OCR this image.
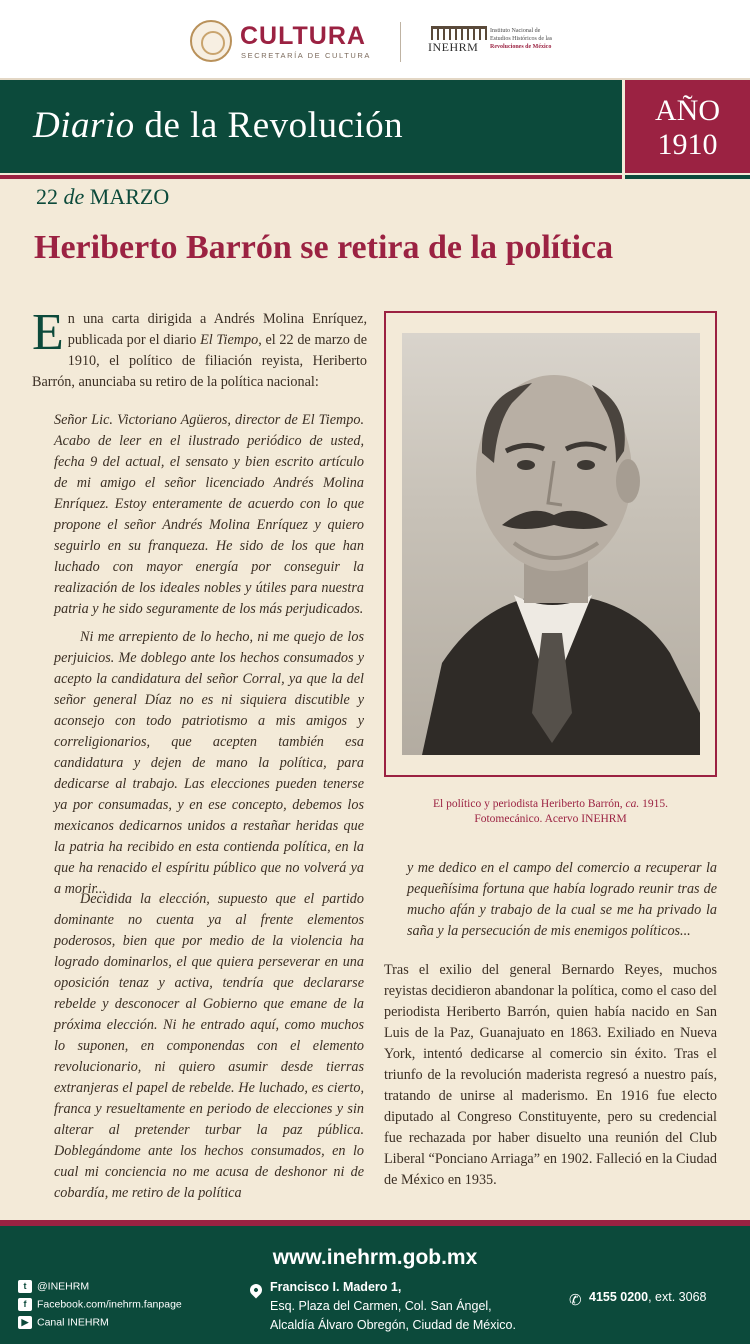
CULTURA
SECRETARÍA DE CULTURA
INEHRM
Instituto Nacional de
Estudios Históricos de las
Revoluciones de México
Diario de la Revolución	AÑO
1910
22 de MARZO
Heriberto Barrón se retira de la política
En una carta dirigida a Andrés Molina Enríquez, publicada por el diario El Tiempo, el 22 de marzo de 1910, el político de filiación reyista, Heriberto Barrón, anunciaba su retiro de la política nacional:
Señor Lic. Victoriano Agüeros, director de El Tiempo. Acabo de leer en el ilustrado periódico de usted, fecha 9 del actual, el sensato y bien escrito artículo de mi amigo el señor licenciado Andrés Molina Enríquez. Estoy enteramente de acuerdo con lo que propone el señor Andrés Molina Enríquez y quiero seguirlo en su franqueza. He sido de los que han luchado con mayor energía por conseguir la realización de los ideales nobles y útiles para nuestra patria y he sido seguramente de los más perjudicados.
Ni me arrepiento de lo hecho, ni me quejo de los perjuicios. Me doblego ante los hechos consumados y acepto la candidatura del señor Corral, ya que la del señor general Díaz no es ni siquiera discutible y aconsejo con todo patriotismo a mis amigos y correligionarios, que acepten también esa candidatura y dejen de mano la política, para dedicarse al trabajo. Las elecciones pueden tenerse ya por consumadas, y en ese concepto, debemos los mexicanos dedicarnos unidos a restañar heridas que la patria ha recibido en esta contienda política, en la que ha renacido el espíritu público que no volverá ya a morir...
Decidida la elección, supuesto que el partido dominante no cuenta ya al frente elementos poderosos, bien que por medio de la violencia ha logrado dominarlos, el que quiera perseverar en una oposición tenaz y activa, tendría que declararse rebelde y desconocer al Gobierno que emane de la próxima elección. Ni he entrado aquí, como muchos lo suponen, en componendas con el elemento revolucionario, ni quiero asumir desde tierras extranjeras el papel de rebelde. He luchado, es cierto, franca y resueltamente en periodo de elecciones y sin alterar al pretender turbar la paz pública. Doblegándome ante los hechos consumados, en lo cual mi conciencia no me acusa de deshonor ni de cobardía, me retiro de la política
El político y periodista Heriberto Barrón, ca. 1915.
Fotomecánico. Acervo INEHRM
y me dedico en el campo del comercio a recuperar la pequeñísima fortuna que había logrado reunir tras de mucho afán y trabajo de la cual se me ha privado la saña y la persecución de mis enemigos políticos...
Tras el exilio del general Bernardo Reyes, muchos reyistas decidieron abandonar la política, como el caso del periodista Heriberto Barrón, quien había nacido en San Luis de la Paz, Guanajuato en 1863. Exiliado en Nueva York, intentó dedicarse al comercio sin éxito. Tras el triunfo de la revolución maderista regresó a nuestro país, tratando de unirse al maderismo. En 1916 fue electo diputado al Congreso Constituyente, pero su credencial fue rechazada por haber disuelto una reunión del Club Liberal “Ponciano Arriaga” en 1902. Falleció en la Ciudad de México en 1935.
www.inehrm.gob.mx
t @INEHRM
f Facebook.com/inehrm.fanpage
▶ Canal INEHRM
Francisco I. Madero 1,
Esq. Plaza del Carmen, Col. San Ángel,
Alcaldía Álvaro Obregón, Ciudad de México.
✆ 4155 0200, ext. 3068
